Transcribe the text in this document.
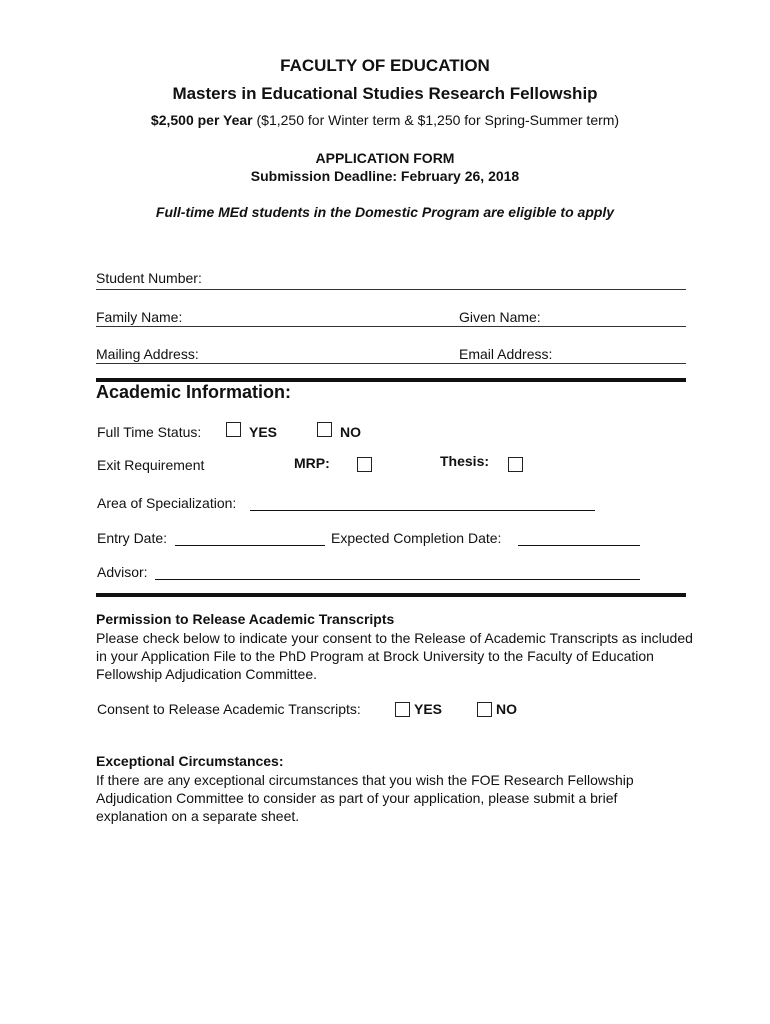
FACULTY OF EDUCATION
Masters in Educational Studies Research Fellowship
$2,500 per Year ($1,250 for Winter term & $1,250 for Spring-Summer term)
APPLICATION FORM
Submission Deadline: February 26, 2018
Full-time MEd students in the Domestic Program are eligible to apply
Student Number:
Family Name:	Given Name:
Mailing Address:	Email Address:
Academic Information:
Full Time Status:	YES	NO
Exit Requirement	MRP:	Thesis:
Area of Specialization:
Entry Date:	Expected Completion Date:
Advisor:
Permission to Release Academic Transcripts
Please check below to indicate your consent to the Release of Academic Transcripts as included in your Application File to the PhD Program at Brock University to the Faculty of Education Fellowship Adjudication Committee.
Consent to Release Academic Transcripts:	YES	NO
Exceptional Circumstances:
If there are any exceptional circumstances that you wish the FOE Research Fellowship Adjudication Committee to consider as part of your application, please submit a brief explanation on a separate sheet.
